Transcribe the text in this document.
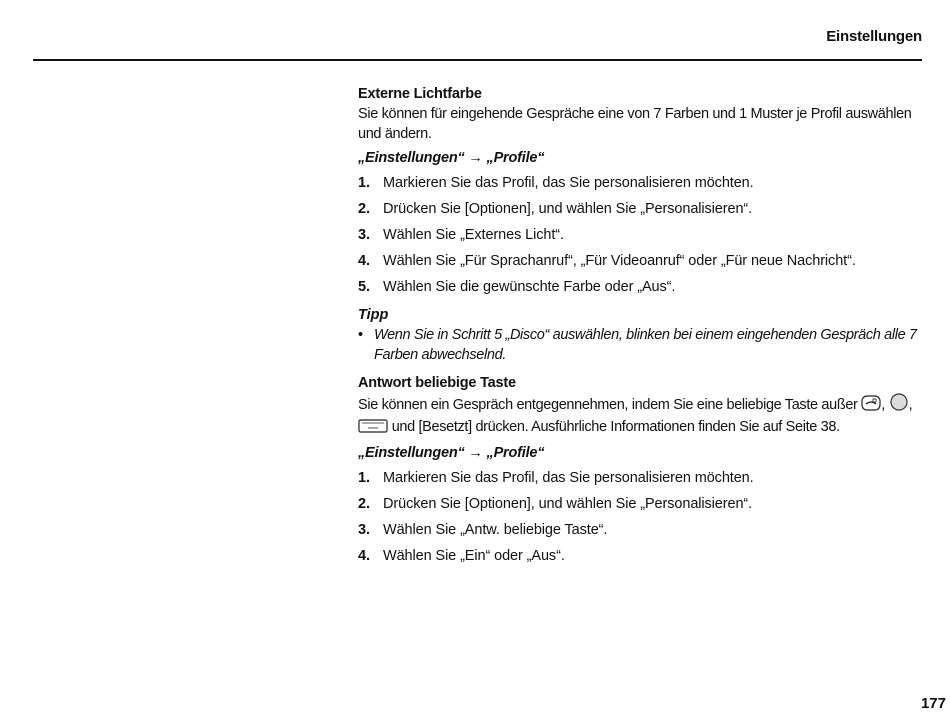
Einstellungen
Externe Lichtfarbe
Sie können für eingehende Gespräche eine von 7 Farben und 1 Muster je Profil auswählen und ändern.
„Einstellungen“ → „Profile“
1. Markieren Sie das Profil, das Sie personalisieren möchten.
2. Drücken Sie [Optionen], und wählen Sie „Personalisieren“.
3. Wählen Sie „Externes Licht“.
4. Wählen Sie „Für Sprachanruf“, „Für Videoanruf“ oder „Für neue Nachricht“.
5. Wählen Sie die gewünschte Farbe oder „Aus“.
Tipp
• Wenn Sie in Schritt 5 „Disco“ auswählen, blinken bei einem eingehenden Gespräch alle 7 Farben abwechselnd.
Antwort beliebige Taste
Sie können ein Gespräch entgegennehmen, indem Sie eine beliebige Taste außer , ,
und [Besetzt] drücken. Ausführliche Informationen finden Sie auf Seite 38.
„Einstellungen“ → „Profile“
1. Markieren Sie das Profil, das Sie personalisieren möchten.
2. Drücken Sie [Optionen], und wählen Sie „Personalisieren“.
3. Wählen Sie „Antw. beliebige Taste“.
4. Wählen Sie „Ein“ oder „Aus“.
177
